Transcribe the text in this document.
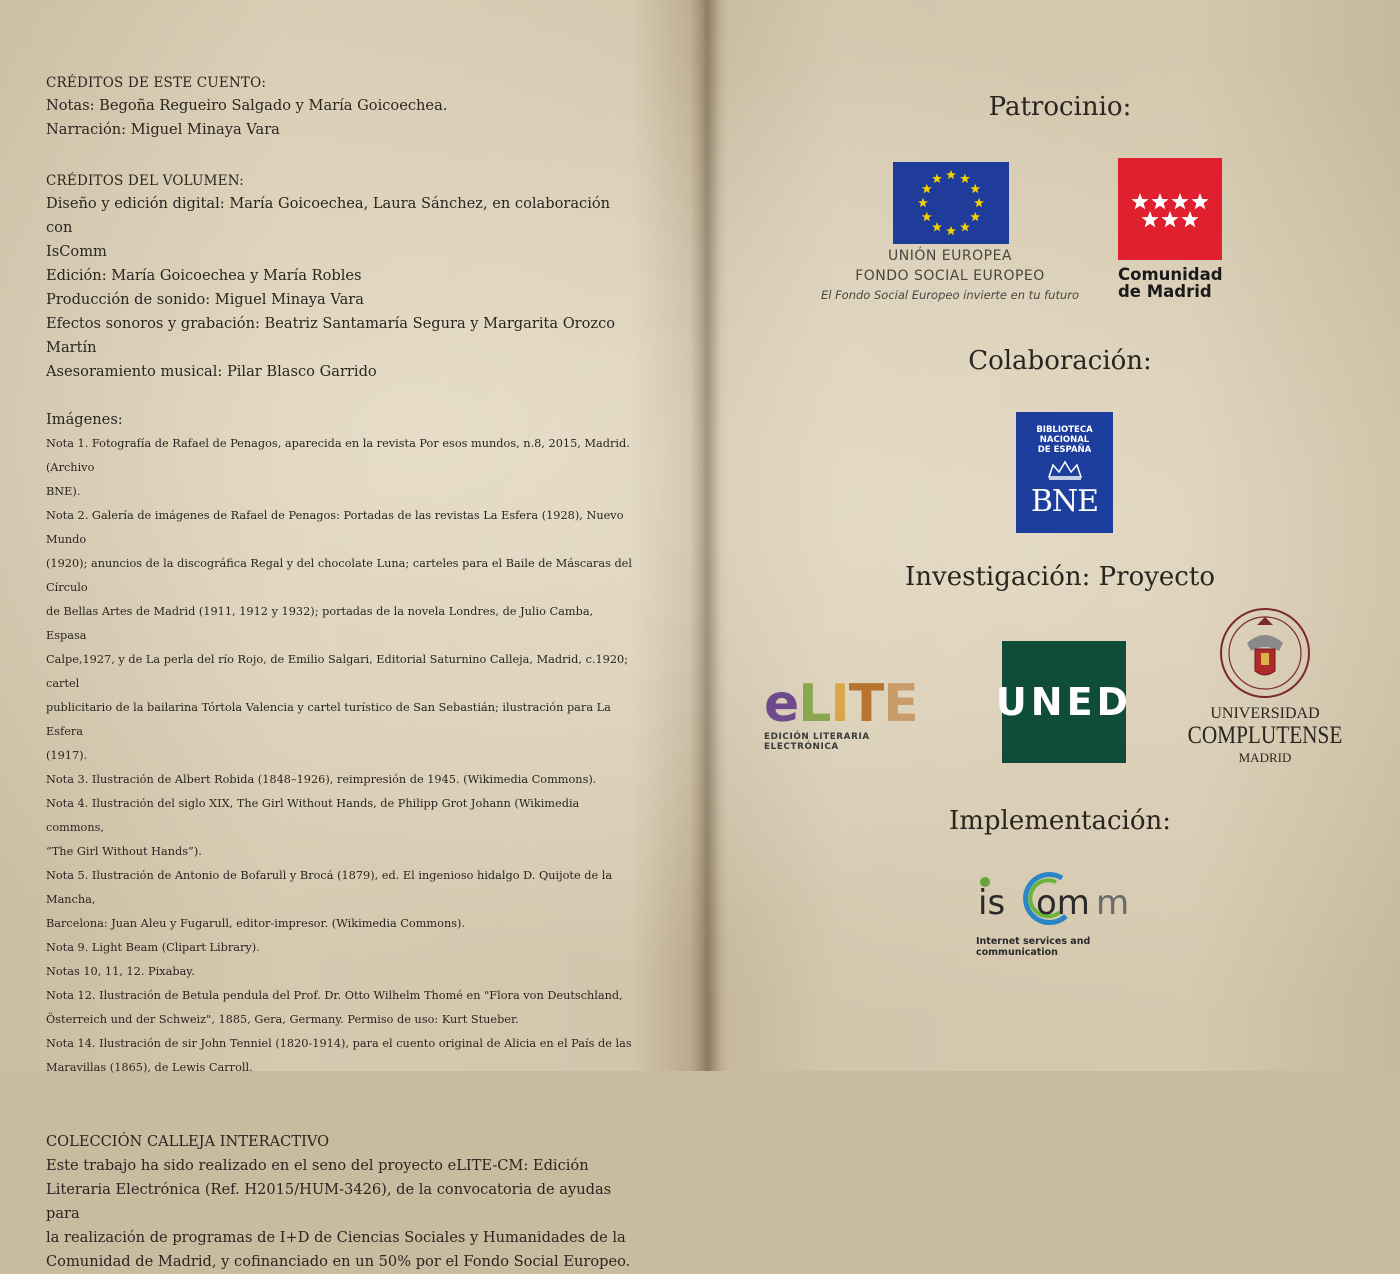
CRÉDITOS DE ESTE CUENTO:
Notas: Begoña Regueiro Salgado y María Goicoechea.
Narración: Miguel Minaya Vara
CRÉDITOS DEL VOLUMEN:
Diseño y edición digital: María Goicoechea, Laura Sánchez, en colaboración con
IsComm
Edición: María Goicoechea y María Robles
Producción de sonido: Miguel Minaya Vara
Efectos sonoros y grabación: Beatriz Santamaría Segura y Margarita Orozco
Martín
Asesoramiento musical: Pilar Blasco Garrido
Imágenes:
Nota 1. Fotografía de Rafael de Penagos, aparecida en la revista Por esos mundos, n.8, 2015, Madrid. (Archivo
BNE).
Nota 2. Galería de imágenes de Rafael de Penagos: Portadas de las revistas La Esfera (1928), Nuevo Mundo
(1920); anuncios de la discográfica Regal y del chocolate Luna; carteles para el Baile de Máscaras del Círculo
de Bellas Artes de Madrid (1911, 1912 y 1932); portadas de la novela Londres, de Julio Camba, Espasa
Calpe,1927, y de La perla del río Rojo, de Emilio Salgari, Editorial Saturnino Calleja, Madrid, c.1920; cartel
publicitario de la bailarina Tórtola Valencia y cartel turístico de San Sebastián; ilustración para La Esfera
(1917).
Nota 3. Ilustración de Albert Robida (1848–1926), reimpresión de 1945. (Wikimedia Commons).
Nota 4. Ilustración del siglo XIX, The Girl Without Hands, de Philipp Grot Johann (Wikimedia commons,
“The Girl Without Hands”).
Nota 5. Ilustración de Antonio de Bofarull y Brocá (1879), ed. El ingenioso hidalgo D. Quijote de la Mancha,
Barcelona: Juan Aleu y Fugarull, editor-impresor. (Wikimedia Commons).
Nota 9. Light Beam (Clipart Library).
Notas 10, 11, 12. Pixabay.
Nota 12. Ilustración de Betula pendula del Prof. Dr. Otto Wilhelm Thomé en "Flora von Deutschland,
Österreich und der Schweiz", 1885, Gera, Germany. Permiso de uso: Kurt Stueber.
Nota 14. Ilustración de sir John Tenniel (1820-1914), para el cuento original de Alicia en el País de las
Maravillas (1865), de Lewis Carroll.
COLECCIÓN CALLEJA INTERACTIVO
Este trabajo ha sido realizado en el seno del proyecto eLITE-CM: Edición
Literaria Electrónica (Ref. H2015/HUM-3426), de la convocatoria de ayudas para
la realización de programas de I+D de Ciencias Sociales y Humanidades de la
Comunidad de Madrid, y cofinanciado en un 50% por el Fondo Social Europeo.
Patrocinio:
UNIÓN EUROPEA
FONDO SOCIAL EUROPEO
El Fondo Social Europeo invierte en tu futuro
Comunidad
de Madrid
Colaboración:
BIBLIOTECA
NACIONAL
DE ESPAÑA
BNE
Investigación: Proyecto
eLITE
EDICIÓN LITERARIA ELECTRÓNICA
UNED	UNIVERSIDAD
COMPLUTENSE
MADRID
Implementación:
is om m
Internet services and communication
